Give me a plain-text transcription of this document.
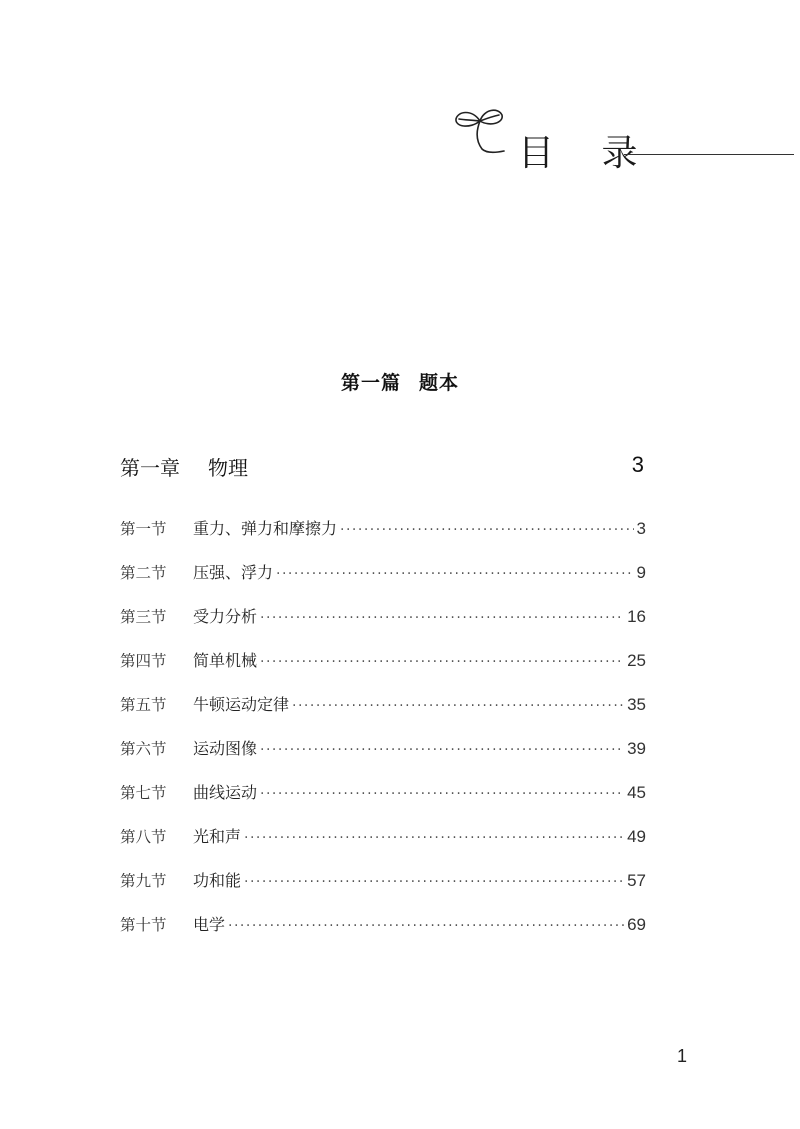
目 录
第一篇 题本
第一章 物理	3
第一节	重力、弹力和摩擦力 ·····	3
第二节	压强、浮力 ·····	9
第三节	受力分析 ·····	16
第四节	简单机械 ·····	25
第五节	牛顿运动定律 ·····	35
第六节	运动图像 ·····	39
第七节	曲线运动 ·····	45
第八节	光和声 ·····	49
第九节	功和能 ·····	57
第十节	电学 ·····	69
1
